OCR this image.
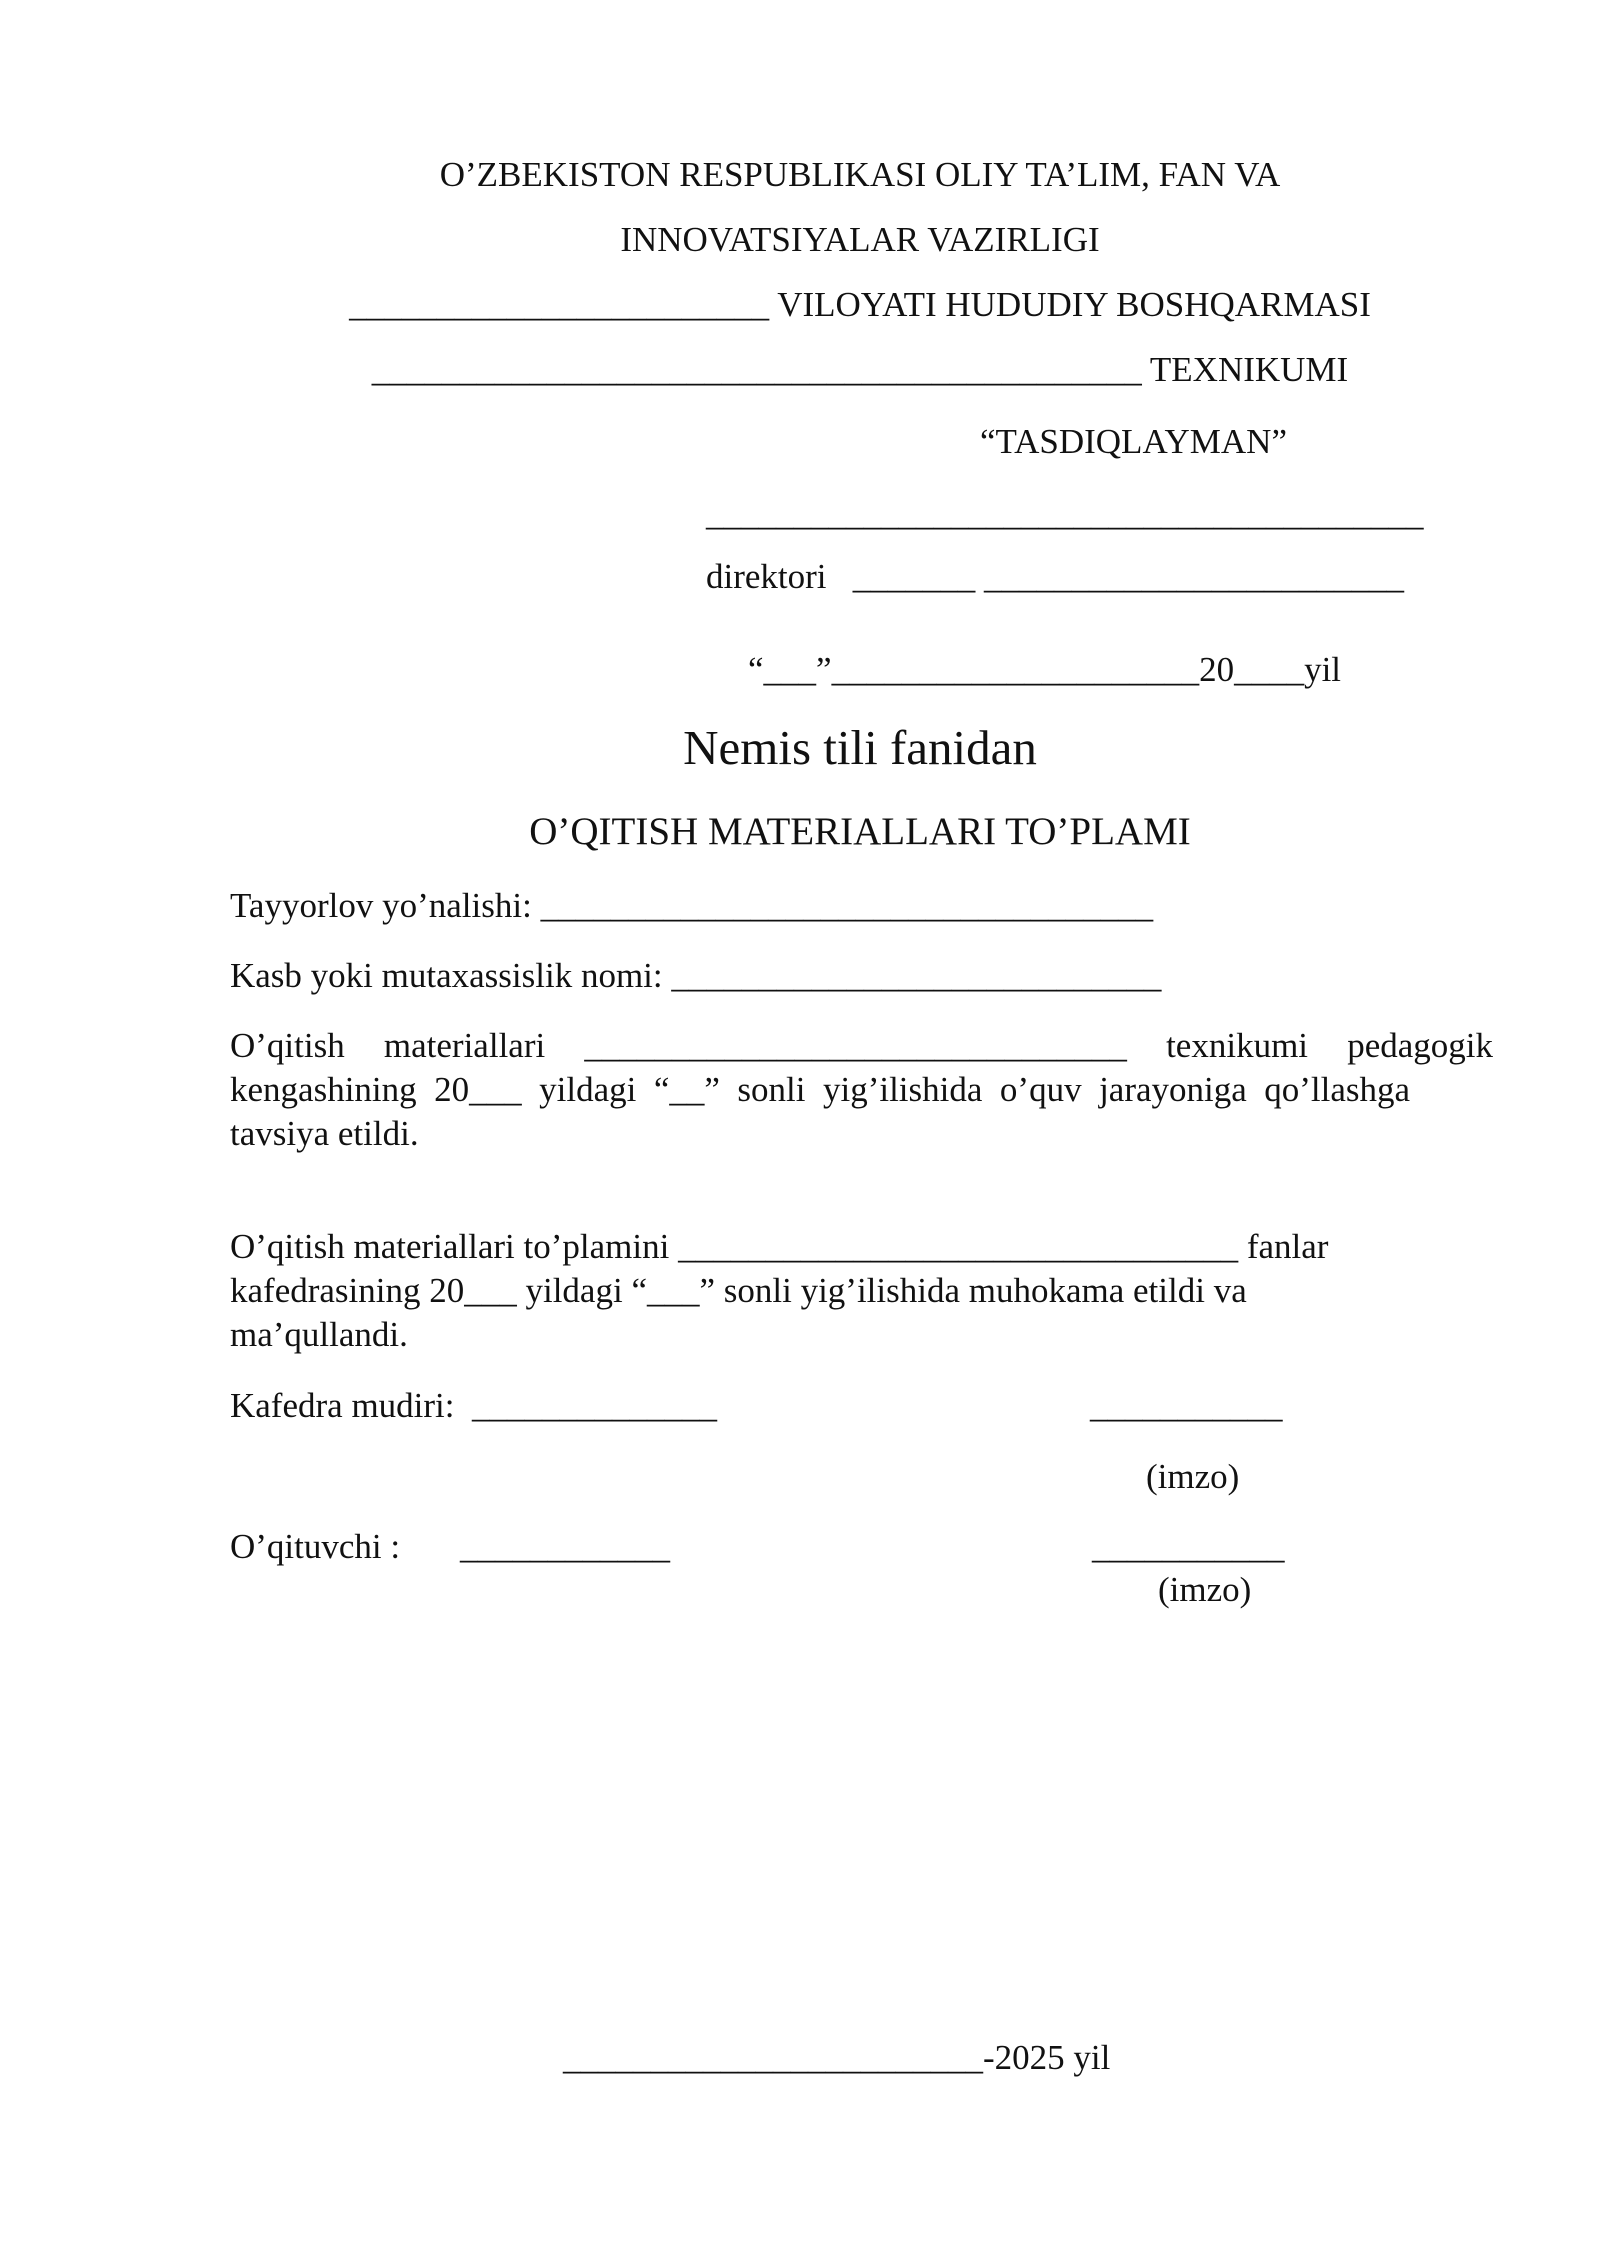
O’ZBEKISTON RESPUBLIKASI OLIY TA’LIM, FAN VA
INNOVATSIYALAR VAZIRLIGI
________________________ VILOYATI HUDUDIY BOSHQARMASI
____________________________________________ TEXNIKUMI
“TASDIQLAYMAN”
_________________________________________
direktori _______ ________________________
“___”_____________________20____yil
Nemis tili fanidan
O’QITISH MATERIALLARI TO’PLAMI
Tayyorlov yo’nalishi: ___________________________________
Kasb yoki mutaxassislik nomi: ____________________________
O’qitish  materiallari  _______________________________  texnikumi  pedagogik
kengashining  20___  yildagi  “__”  sonli  yig’ilishida  o’quv  jarayoniga  qo’llashga
tavsiya etildi.
O’qitish materiallari to’plamini ________________________________ fanlar
kafedrasining 20___ yildagi “___” sonli yig’ilishida muhokama etildi va
ma’qullandi.
Kafedra mudiri: ______________	___________
(imzo)
O’qituvchi : ____________	___________
(imzo)
________________________-2025 yil
